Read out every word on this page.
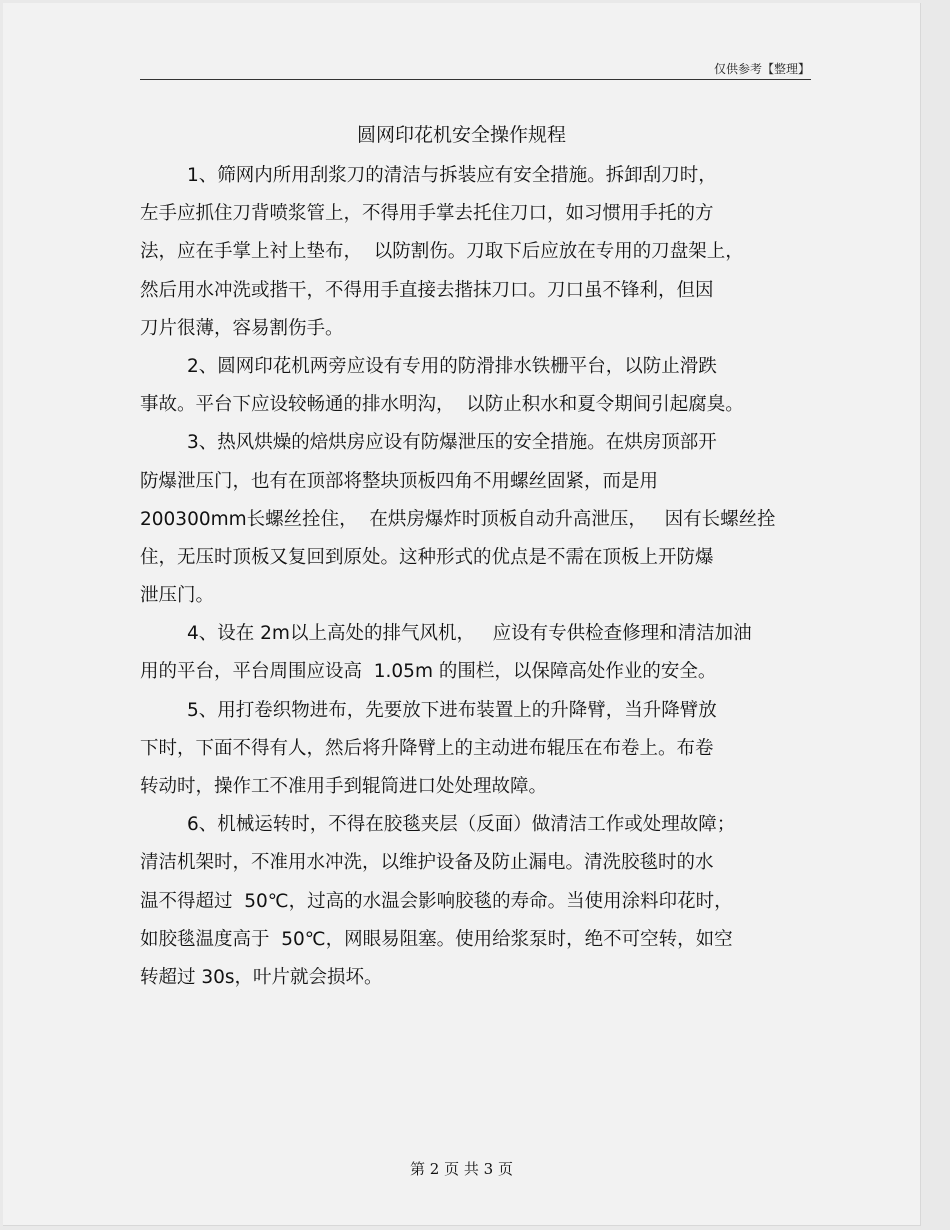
仅供参考【整理】
圆网印花机安全操作规程
1、筛网内所用刮浆刀的清洁与拆装应有安全措施。拆卸刮刀时，
左手应抓住刀背喷浆管上，不得用手掌去托住刀口，如习惯用手托的方
法，应在手掌上衬上垫布，  以防割伤。刀取下后应放在专用的刀盘架上，
然后用水冲洗或揩干，不得用手直接去揩抹刀口。刀口虽不锋利，但因
刀片很薄，容易割伤手。
2、圆网印花机两旁应设有专用的防滑排水铁栅平台，以防止滑跌
事故。平台下应设较畅通的排水明沟，  以防止积水和夏令期间引起腐臭。
3、热风烘燥的焙烘房应设有防爆泄压的安全措施。在烘房顶部开
防爆泄压门，也有在顶部将整块顶板四角不用螺丝固紧，而是用
200300mm长螺丝拴住，  在烘房爆炸时顶板自动升高泄压，   因有长螺丝拴
住，无压时顶板又复回到原处。这种形式的优点是不需在顶板上开防爆
泄压门。
4、设在 2m以上高处的排气风机，   应设有专供检查修理和清洁加油
用的平台，平台周围应设高  1.05m 的围栏，以保障高处作业的安全。
5、用打卷织物进布，先要放下进布装置上的升降臂，当升降臂放
下时，下面不得有人，然后将升降臂上的主动进布辊压在布卷上。布卷
转动时，操作工不准用手到辊筒进口处处理故障。
6、机械运转时，不得在胶毯夹层（反面）做清洁工作或处理故障；
清洁机架时，不准用水冲洗，以维护设备及防止漏电。清洗胶毯时的水
温不得超过  50℃，过高的水温会影响胶毯的寿命。当使用涂料印花时，
如胶毯温度高于  50℃，网眼易阻塞。使用给浆泵时，绝不可空转，如空
转超过 30s，叶片就会损坏。
第 2 页 共 3 页
